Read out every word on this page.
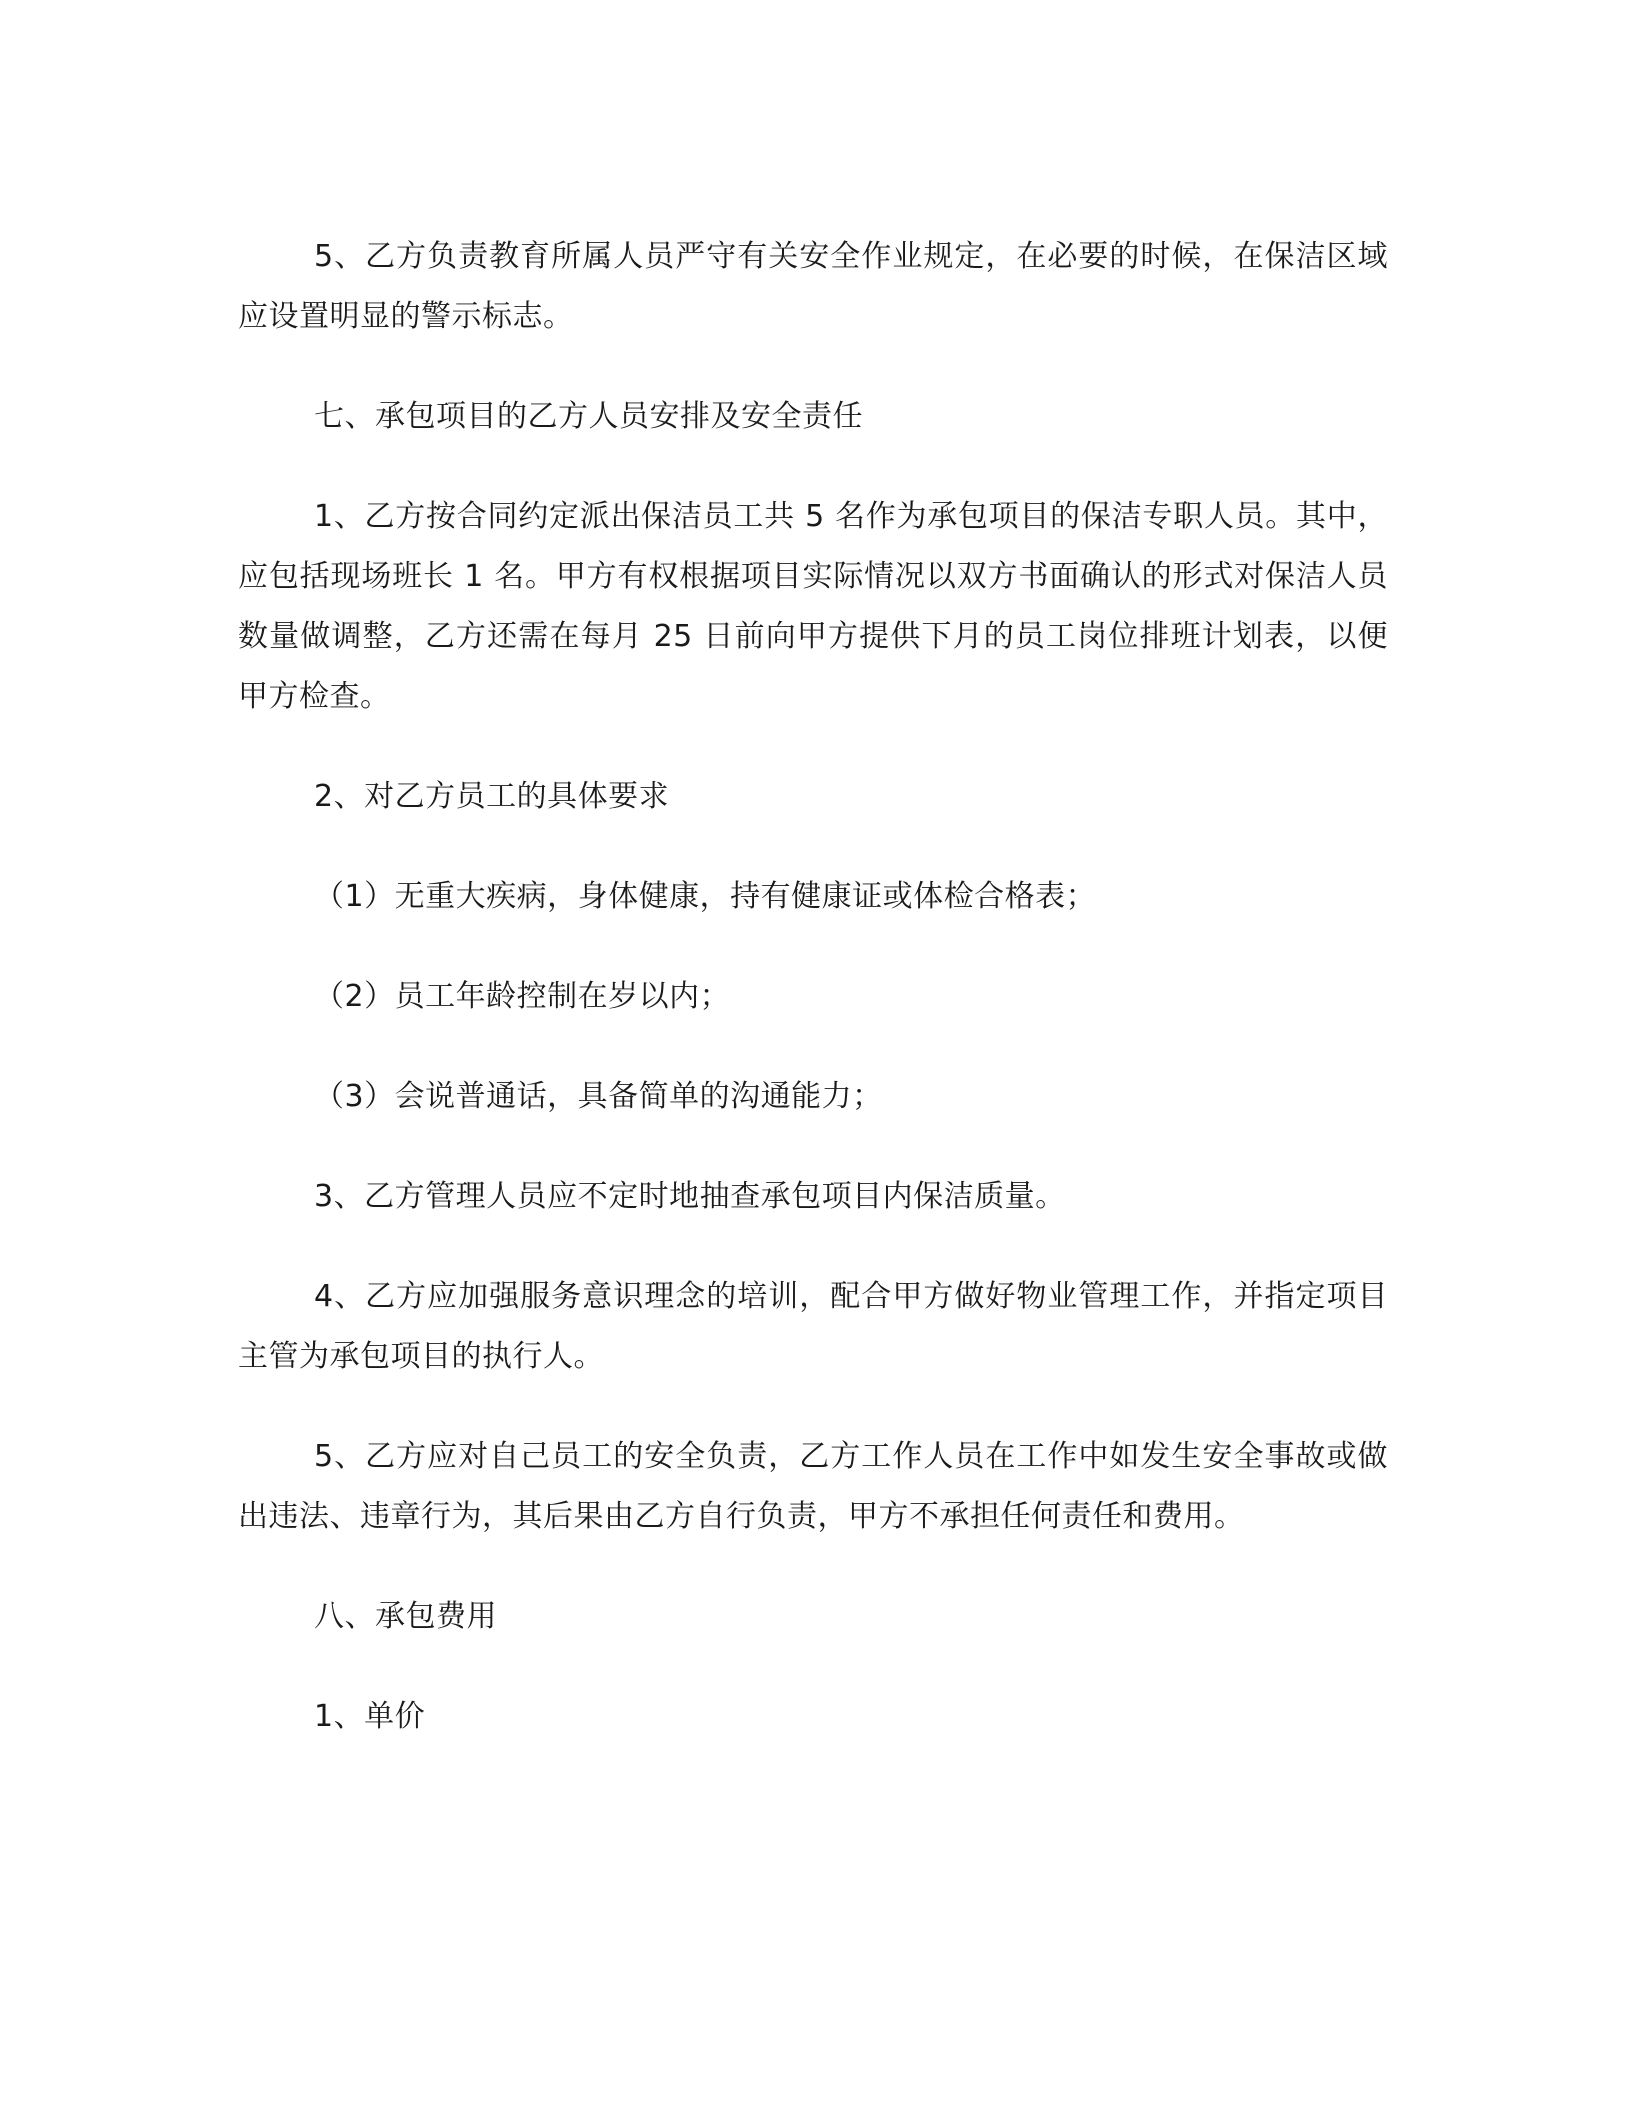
5、乙方负责教育所属人员严守有关安全作业规定，在必要的时候，在保洁区域应设置明显的警示标志。

七、承包项目的乙方人员安排及安全责任

1、乙方按合同约定派出保洁员工共 5 名作为承包项目的保洁专职人员。其中，应包括现场班长 1 名。甲方有权根据项目实际情况以双方书面确认的形式对保洁人员数量做调整，乙方还需在每月 25 日前向甲方提供下月的员工岗位排班计划表，以便甲方检查。

2、对乙方员工的具体要求

（1）无重大疾病，身体健康，持有健康证或体检合格表；

（2）员工年龄控制在岁以内；

（3）会说普通话，具备简单的沟通能力；

3、乙方管理人员应不定时地抽查承包项目内保洁质量。

4、乙方应加强服务意识理念的培训，配合甲方做好物业管理工作，并指定项目主管为承包项目的执行人。

5、乙方应对自己员工的安全负责，乙方工作人员在工作中如发生安全事故或做出违法、违章行为，其后果由乙方自行负责，甲方不承担任何责任和费用。

八、承包费用

1、单价
